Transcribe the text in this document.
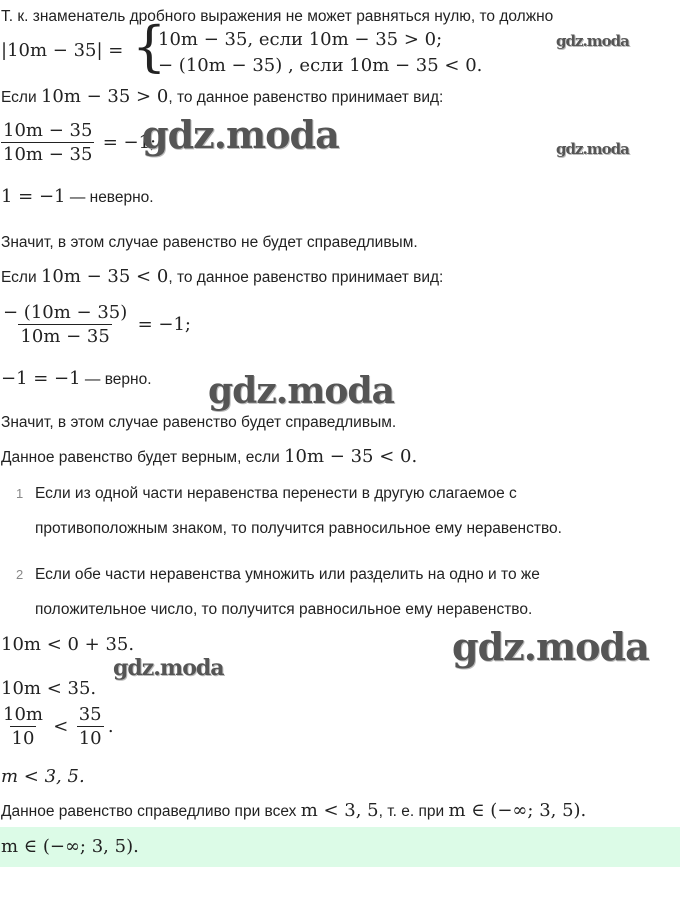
Т. к. знаменатель дробного выражения не может равняться нулю, то должно
|10m − 35| = {
10m − 35, если 10m − 35 > 0;
− (10m − 35) , если 10m − 35 < 0.
Если 10m − 35 > 0, то данное равенство принимает вид:
$\frac{10m - 35}{10m - 35} = -1$;
1 = −1 — неверно.
Значит, в этом случае равенство не будет справедливым.
Если 10m − 35 < 0, то данное равенство принимает вид:
$\frac{- (10m - 35)}{10m - 35} = -1$;
−1 = −1 — верно.
Значит, в этом случае равенство будет справедливым.
Данное равенство будет верным, если 10m − 35 < 0.
1 Если из одной части неравенства перенести в другую слагаемое с
противоположным знаком, то получится равносильное ему неравенство.
2 Если обе части неравенства умножить или разделить на одно и то же
положительное число, то получится равносильное ему неравенство.
10m < 0 + 35.
10m < 35.
$\frac{10m}{10} < \frac{35}{10}$ .
m < 3, 5.
Данное равенство справедливо при всех m < 3, 5, т. е. при m ∈ (−∞; 3, 5).
m ∈ (−∞; 3, 5).
gdz.moda
gdz.moda	gdz.moda
gdz.moda
gdz.moda
gdz.moda
